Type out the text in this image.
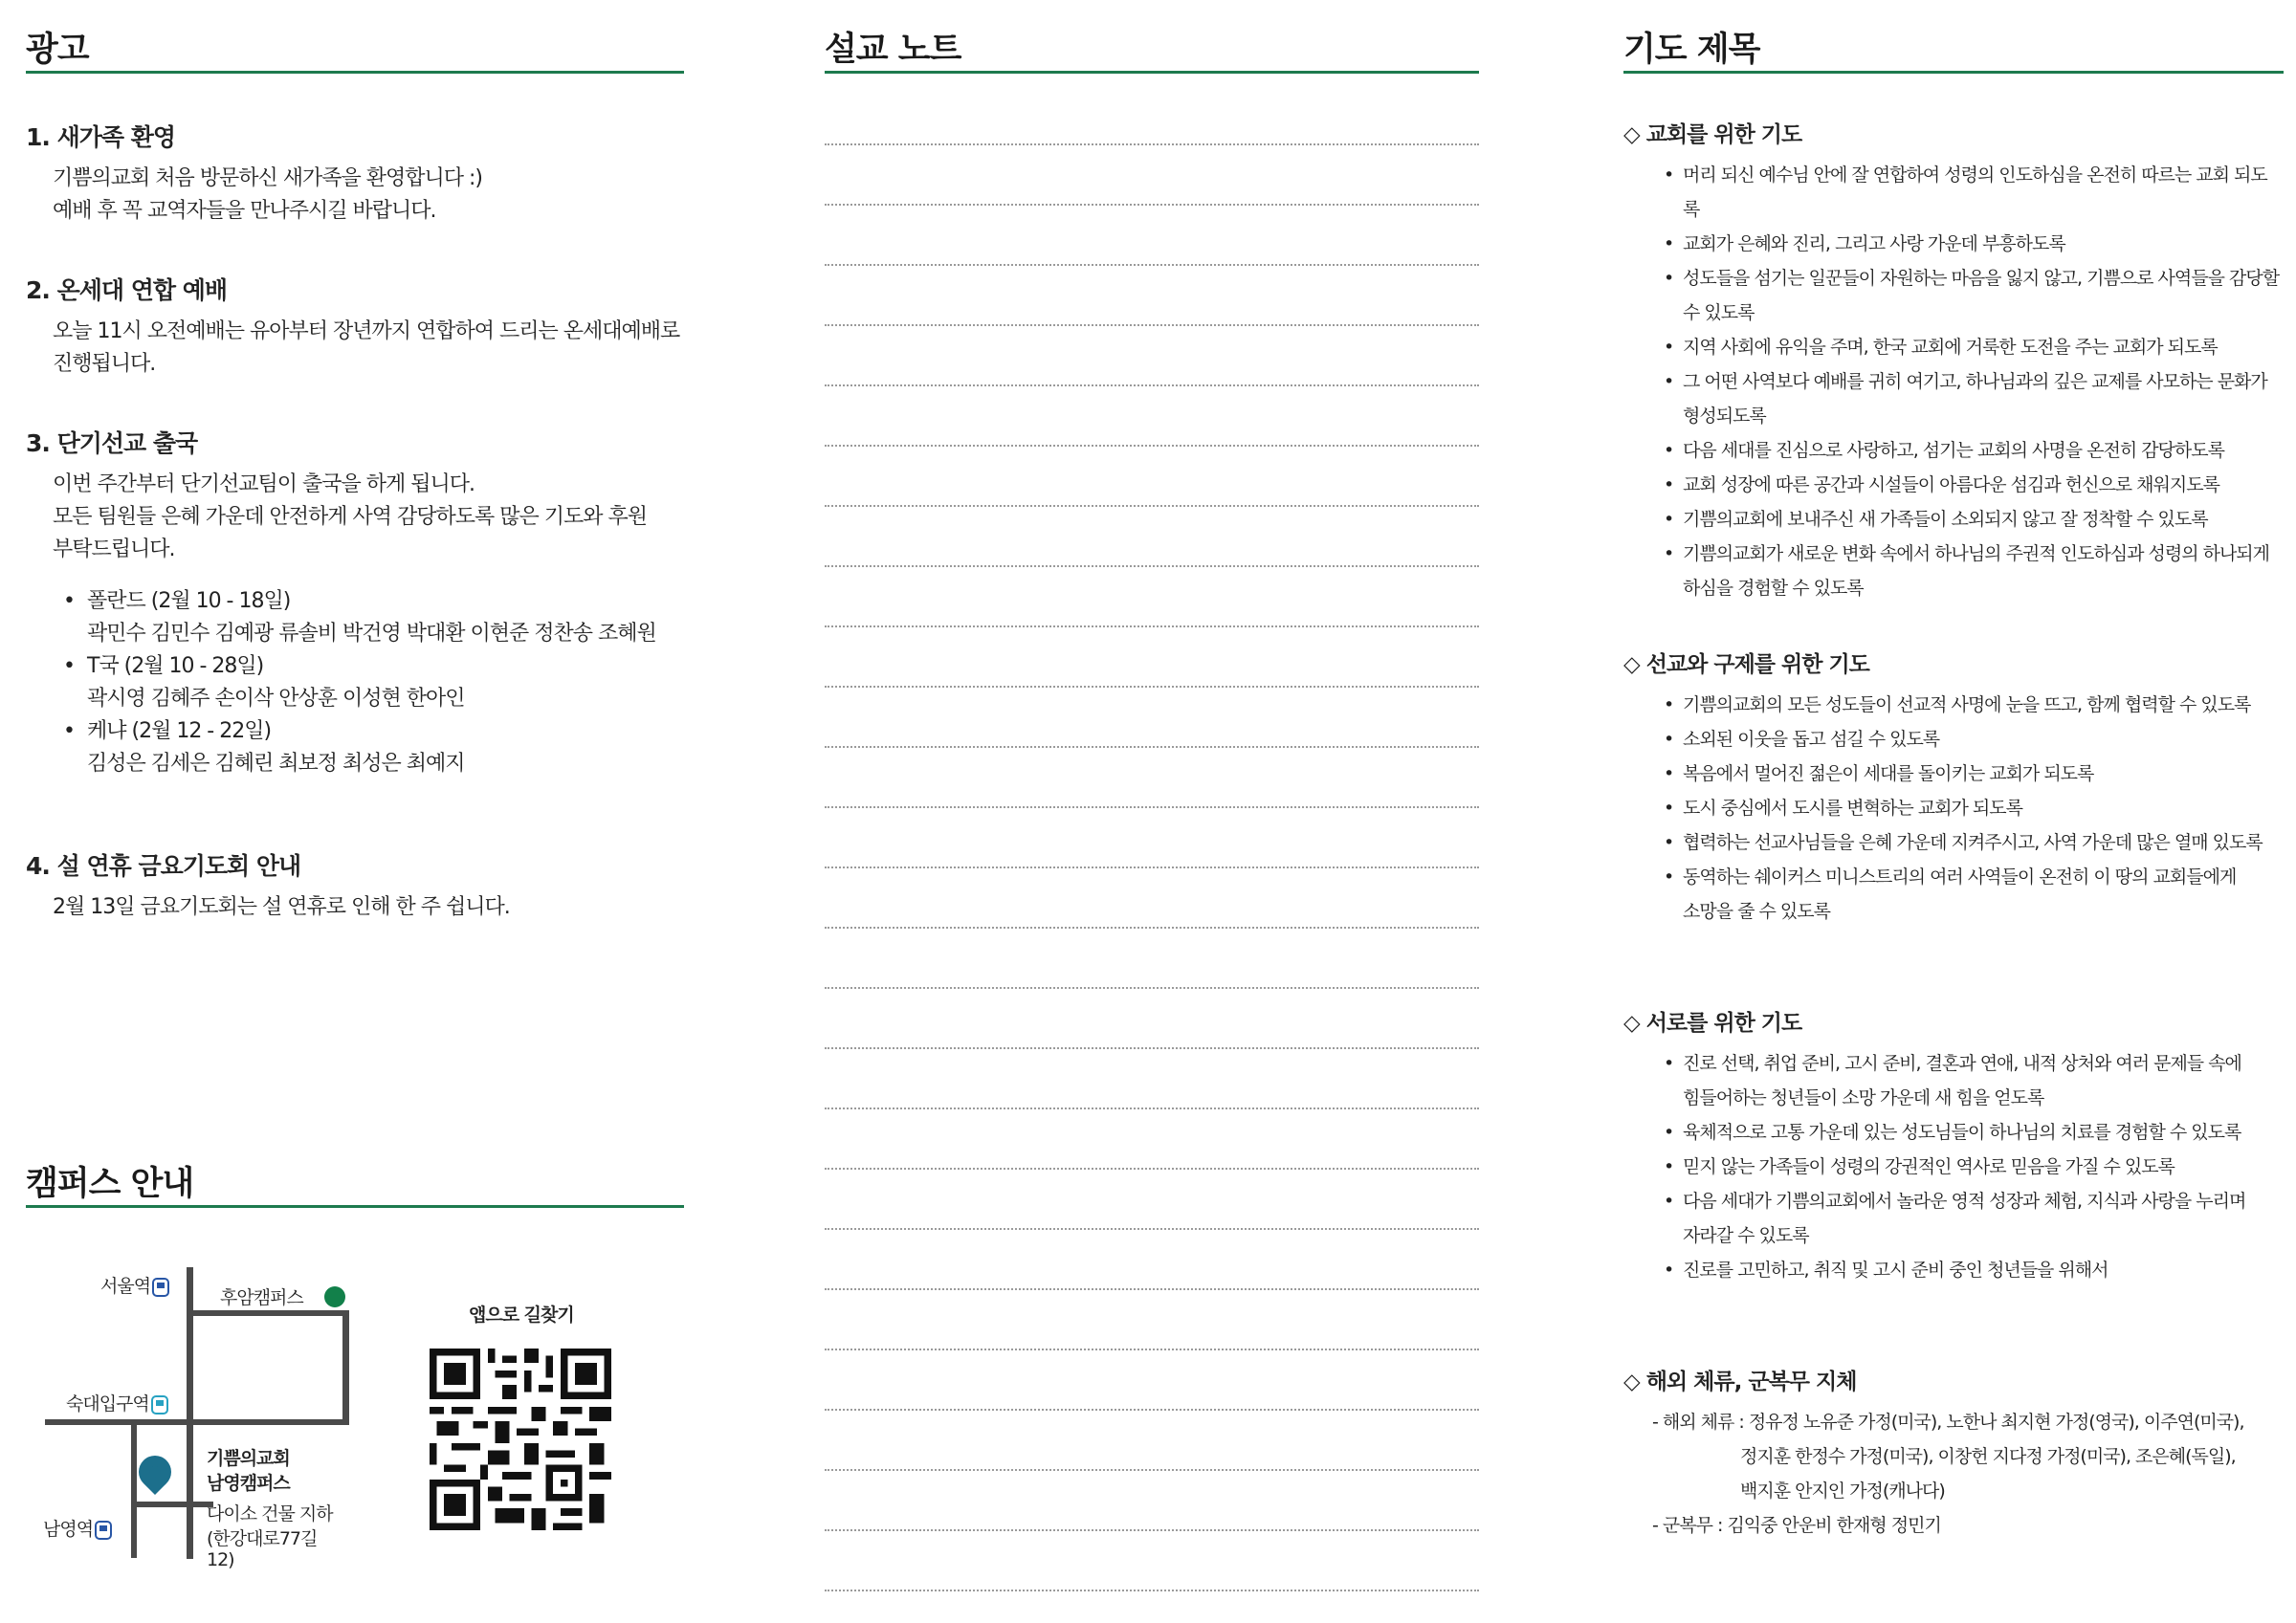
광고
1. 새가족 환영
기쁨의교회 처음 방문하신 새가족을 환영합니다 :)
예배 후 꼭 교역자들을 만나주시길 바랍니다.
2. 온세대 연합 예배
오늘 11시 오전예배는 유아부터 장년까지 연합하여 드리는 온세대예배로
진행됩니다.
3. 단기선교 출국
이번 주간부터 단기선교팀이 출국을 하게 됩니다.
모든 팀원들 은혜 가운데 안전하게 사역 감당하도록 많은 기도와 후원
부탁드립니다.
• 폴란드 (2월 10 - 18일)
곽민수 김민수 김예광 류솔비 박건영 박대환 이현준 정찬송 조혜원
• T국 (2월 10 - 28일)
곽시영 김혜주 손이삭 안상훈 이성현 한아인
• 케냐 (2월 12 - 22일)
김성은 김세은 김혜린 최보정 최성은 최예지
4. 설 연휴 금요기도회 안내
2월 13일 금요기도회는 설 연휴로 인해 한 주 쉽니다.
캠퍼스 안내
서울역
후암캠퍼스
숙대입구역
기쁨의교회
남영캠퍼스
다이소 건물 지하
(한강대로77길
12)
남영역
앱으로 길찾기
설교 노트	기도 제목
◇ 교회를 위한 기도
• 머리 되신 예수님 안에 잘 연합하여 성령의 인도하심을 온전히 따르는 교회 되도록
• 교회가 은혜와 진리, 그리고 사랑 가운데 부흥하도록
• 성도들을 섬기는 일꾼들이 자원하는 마음을 잃지 않고, 기쁨으로 사역들을 감당할
수 있도록
• 지역 사회에 유익을 주며, 한국 교회에 거룩한 도전을 주는 교회가 되도록
• 그 어떤 사역보다 예배를 귀히 여기고, 하나님과의 깊은 교제를 사모하는 문화가
형성되도록
• 다음 세대를 진심으로 사랑하고, 섬기는 교회의 사명을 온전히 감당하도록
• 교회 성장에 따른 공간과 시설들이 아름다운 섬김과 헌신으로 채워지도록
• 기쁨의교회에 보내주신 새 가족들이 소외되지 않고 잘 정착할 수 있도록
• 기쁨의교회가 새로운 변화 속에서 하나님의 주권적 인도하심과 성령의 하나되게
하심을 경험할 수 있도록
◇ 선교와 구제를 위한 기도
• 기쁨의교회의 모든 성도들이 선교적 사명에 눈을 뜨고, 함께 협력할 수 있도록
• 소외된 이웃을 돕고 섬길 수 있도록
• 복음에서 멀어진 젊은이 세대를 돌이키는 교회가 되도록
• 도시 중심에서 도시를 변혁하는 교회가 되도록
• 협력하는 선교사님들을 은혜 가운데 지켜주시고, 사역 가운데 많은 열매 있도록
• 동역하는 쉐이커스 미니스트리의 여러 사역들이 온전히 이 땅의 교회들에게
소망을 줄 수 있도록
◇ 서로를 위한 기도
• 진로 선택, 취업 준비, 고시 준비, 결혼과 연애, 내적 상처와 여러 문제들 속에
힘들어하는 청년들이 소망 가운데 새 힘을 얻도록
• 육체적으로 고통 가운데 있는 성도님들이 하나님의 치료를 경험할 수 있도록
• 믿지 않는 가족들이 성령의 강권적인 역사로 믿음을 가질 수 있도록
• 다음 세대가 기쁨의교회에서 놀라운 영적 성장과 체험, 지식과 사랑을 누리며
자라갈 수 있도록
• 진로를 고민하고, 취직 및 고시 준비 중인 청년들을 위해서
◇ 해외 체류, 군복무 지체
- 해외 체류 : 정유정 노유준 가정(미국), 노한나 최지현 가정(영국), 이주연(미국),
정지훈 한정수 가정(미국), 이창헌 지다정 가정(미국), 조은혜(독일),
백지훈 안지인 가정(캐나다)
- 군복무 : 김익중 안운비 한재형 정민기
